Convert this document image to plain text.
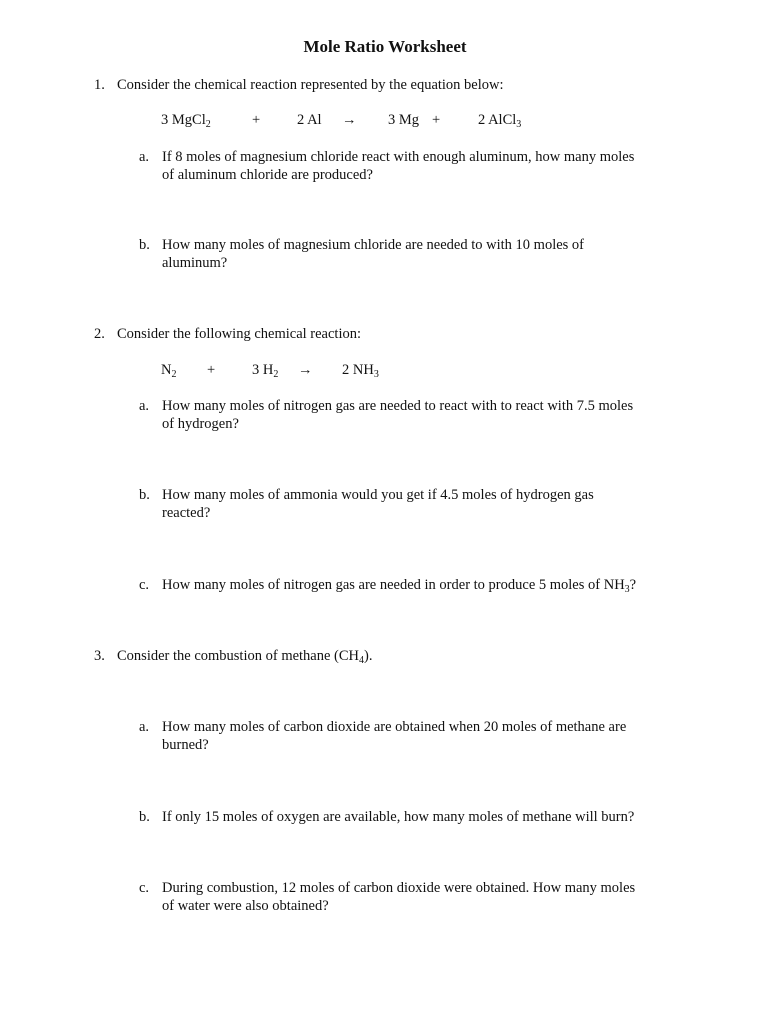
Mole Ratio Worksheet
1. Consider the chemical reaction represented by the equation below:
3 MgCl$_2$	+	2 Al → 3 Mg +	2 AlCl$_3$
a. If 8 moles of magnesium chloride react with enough aluminum, how many moles
of aluminum chloride are produced?
b. How many moles of magnesium chloride are needed to with 10 moles of
aluminum?
2. Consider the following chemical reaction:
$N_2$ +	3 $H_2 \to 2$ $NH_3$
a. How many moles of nitrogen gas are needed to react with to react with 7.5 moles
of hydrogen?
b. How many moles of ammonia would you get if 4.5 moles of hydrogen gas
reacted?
c. How many moles of nitrogen gas are needed in order to produce 5 moles of $NH_3$?
3. Consider the combustion of methane $(CH_4)$.
a. How many moles of carbon dioxide are obtained when 20 moles of methane are
burned?
b. If only 15 moles of oxygen are available, how many moles of methane will burn?
c. During combustion, 12 moles of carbon dioxide were obtained. How many moles
of water were also obtained?
